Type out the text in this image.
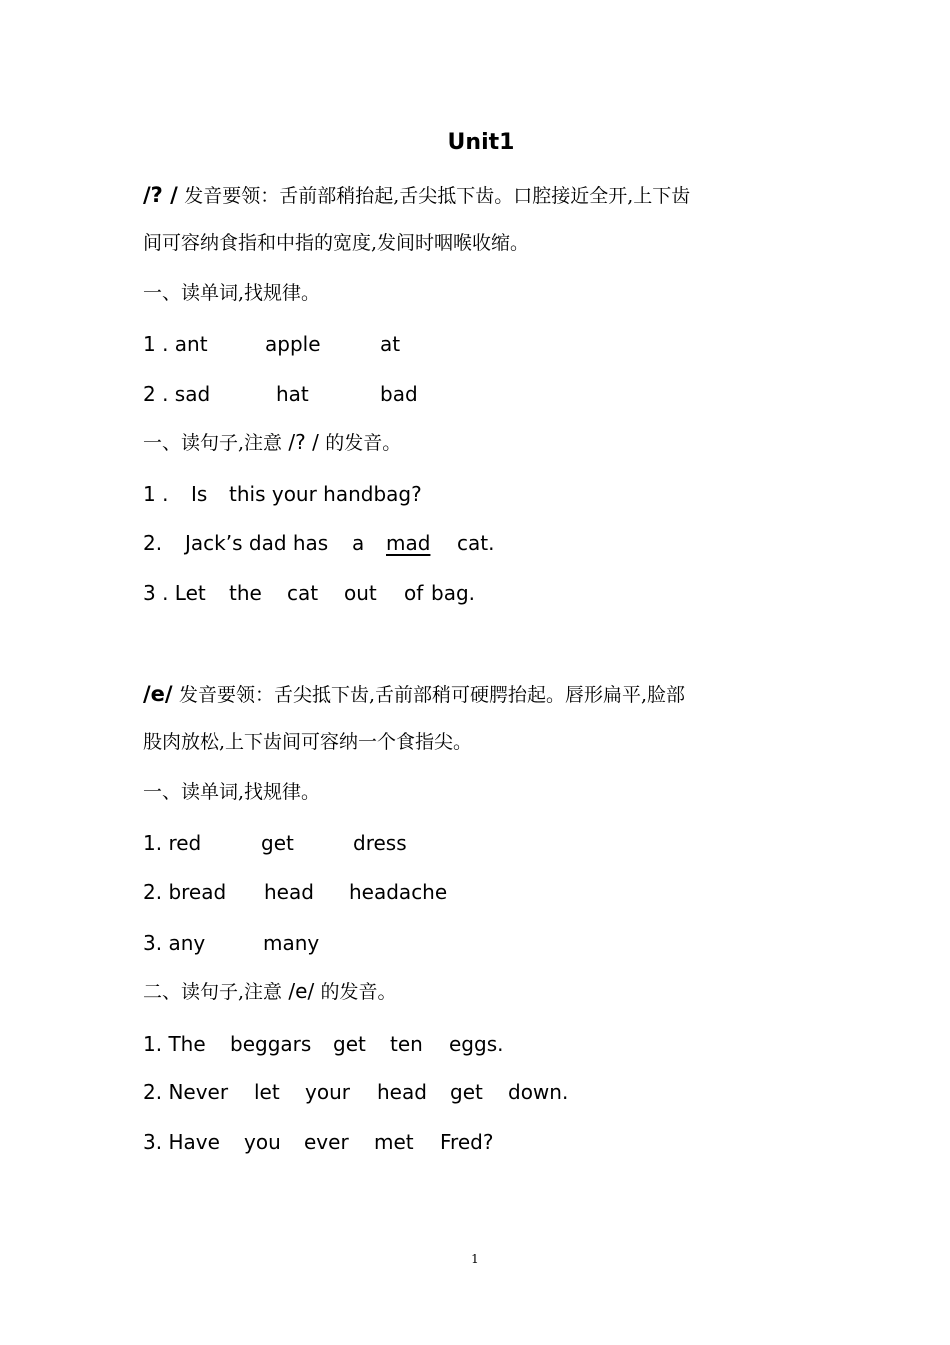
Unit1
/? / 发音要领：舌前部稍抬起,舌尖抵下齿。口腔接近全开,上下齿
间可容纳食指和中指的宽度,发间时咽喉收缩。
一、读单词,找规律。
1 . ant	apple	at
2 . sad	hat	bad
一、读句子,注意 /? / 的发音。
1 . Is this your handbag?
2. Jack’s dad has a mad cat.
3 . Let the cat out of bag.
/e/ 发音要领：舌尖抵下齿,舌前部稍可硬腭抬起。唇形扁平,脸部
股肉放松,上下齿间可容纳一个食指尖。
一、读单词,找规律。
1. red	get	dress
2. bread head headache
3. any	many
二、读句子,注意 /e/ 的发音。
1. The beggars get ten eggs.
2. Never let your head get down.
3. Have you ever met Fred?
1
